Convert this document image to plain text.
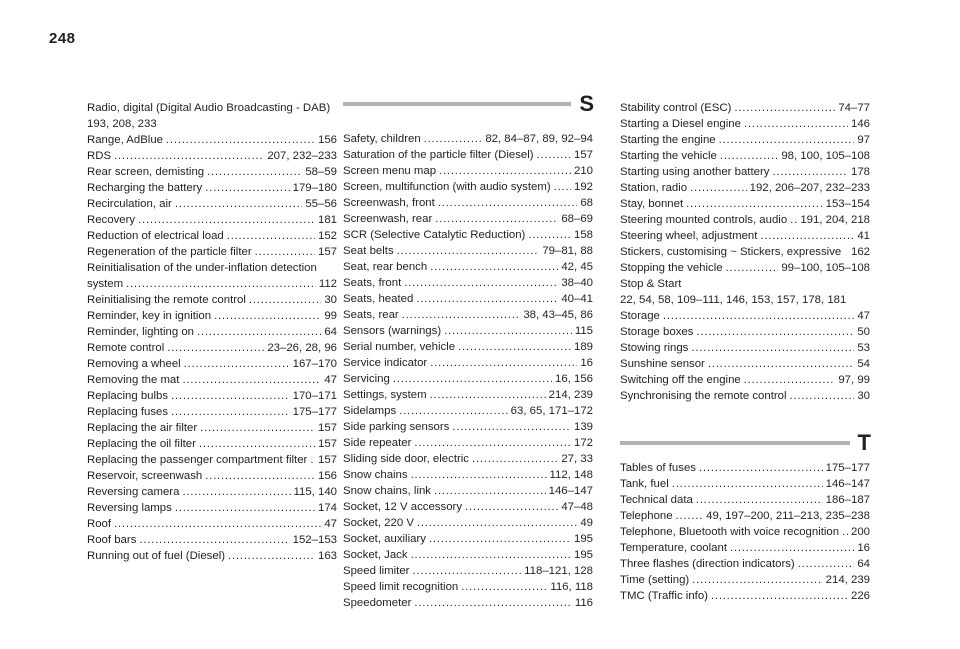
248
Radio, digital (Digital Audio Broadcasting - DAB)
193, 208, 233
Range, AdBlue . . .	156
RDS . . .	207, 232–233
Rear screen, demisting . . .	58–59
Recharging the battery . . .	179–180
Recirculation, air . . .	55–56
Recovery . . .	181
Reduction of electrical load . . .	152
Regeneration of the particle filter . . .	157
Reinitialisation of the under-inflation detection
system . . .	112
Reinitialising the remote control . . .	30
Reminder, key in ignition . . .	99
Reminder, lighting on . . .	64
Remote control . . .	23–26, 28, 96
Removing a wheel . . .	167–170
Removing the mat . . .	47
Replacing bulbs . . .	170–171
Replacing fuses . . .	175–177
Replacing the air filter . . .	157
Replacing the oil filter . . .	157
Replacing the passenger compartment filter . . . 157
Reservoir, screenwash . . .	156
Reversing camera . . .	115, 140
Reversing lamps . . .	174
Roof . . .	47
Roof bars . . .	152–153
Running out of fuel (Diesel) . . .	163
S
Safety, children . . .	82, 84–87, 89, 92–94
Saturation of the particle filter (Diesel) . . .	157
Screen menu map . . .	210
Screen, multifunction (with audio system) . . . 192
Screenwash, front . . .	68
Screenwash, rear . . .	68–69
SCR (Selective Catalytic Reduction) . . .	158
Seat belts . . .	79–81, 88
Seat, rear bench . . .	42, 45
Seats, front . . .	38–40
Seats, heated . . .	40–41
Seats, rear . . .	38, 43–45, 86
Sensors (warnings) . . .	115
Serial number, vehicle . . .	189
Service indicator . . .	16
Servicing . . .	16, 156
Settings, system . . .	214, 239
Sidelamps . . .	63, 65, 171–172
Side parking sensors . . .	139
Side repeater . . .	172
Sliding side door, electric . . .	27, 33
Snow chains . . .	112, 148
Snow chains, link . . .	146–147
Socket, 12 V accessory . . .	47–48
Socket, 220 V . . .	49
Socket, auxiliary . . .	195
Socket, Jack . . .	195
Speed limiter . . .	118–121, 128
Speed limit recognition . . .	116, 118
Speedometer . . .	116
Stability control (ESC) . . .	74–77
Starting a Diesel engine . . .	146
Starting the engine . . .	97
Starting the vehicle . . .	98, 100, 105–108
Starting using another battery . . .	178
Station, radio . . .	192, 206–207, 232–233
Stay, bonnet . . .	153–154
Steering mounted controls, audio . . . 191, 204, 218
Steering wheel, adjustment . . .	41
Stickers, customising ~ Stickers, expressive 162
Stopping the vehicle . . .	99–100, 105–108
Stop & Start
22, 54, 58, 109–111, 146, 153, 157, 178, 181
Storage . . .	47
Storage boxes . . .	50
Stowing rings . . .	53
Sunshine sensor . . .	54
Switching off the engine . . .	97, 99
Synchronising the remote control . . .	30
T
Tables of fuses . . .	175–177
Tank, fuel . . .	146–147
Technical data . . .	186–187
Telephone . . .	49, 197–200, 211–213, 235–238
Telephone, Bluetooth with voice recognition . . . 200
Temperature, coolant . . .	16
Three flashes (direction indicators) . . .	64
Time (setting) . . .	214, 239
TMC (Traffic info) . . .	226
